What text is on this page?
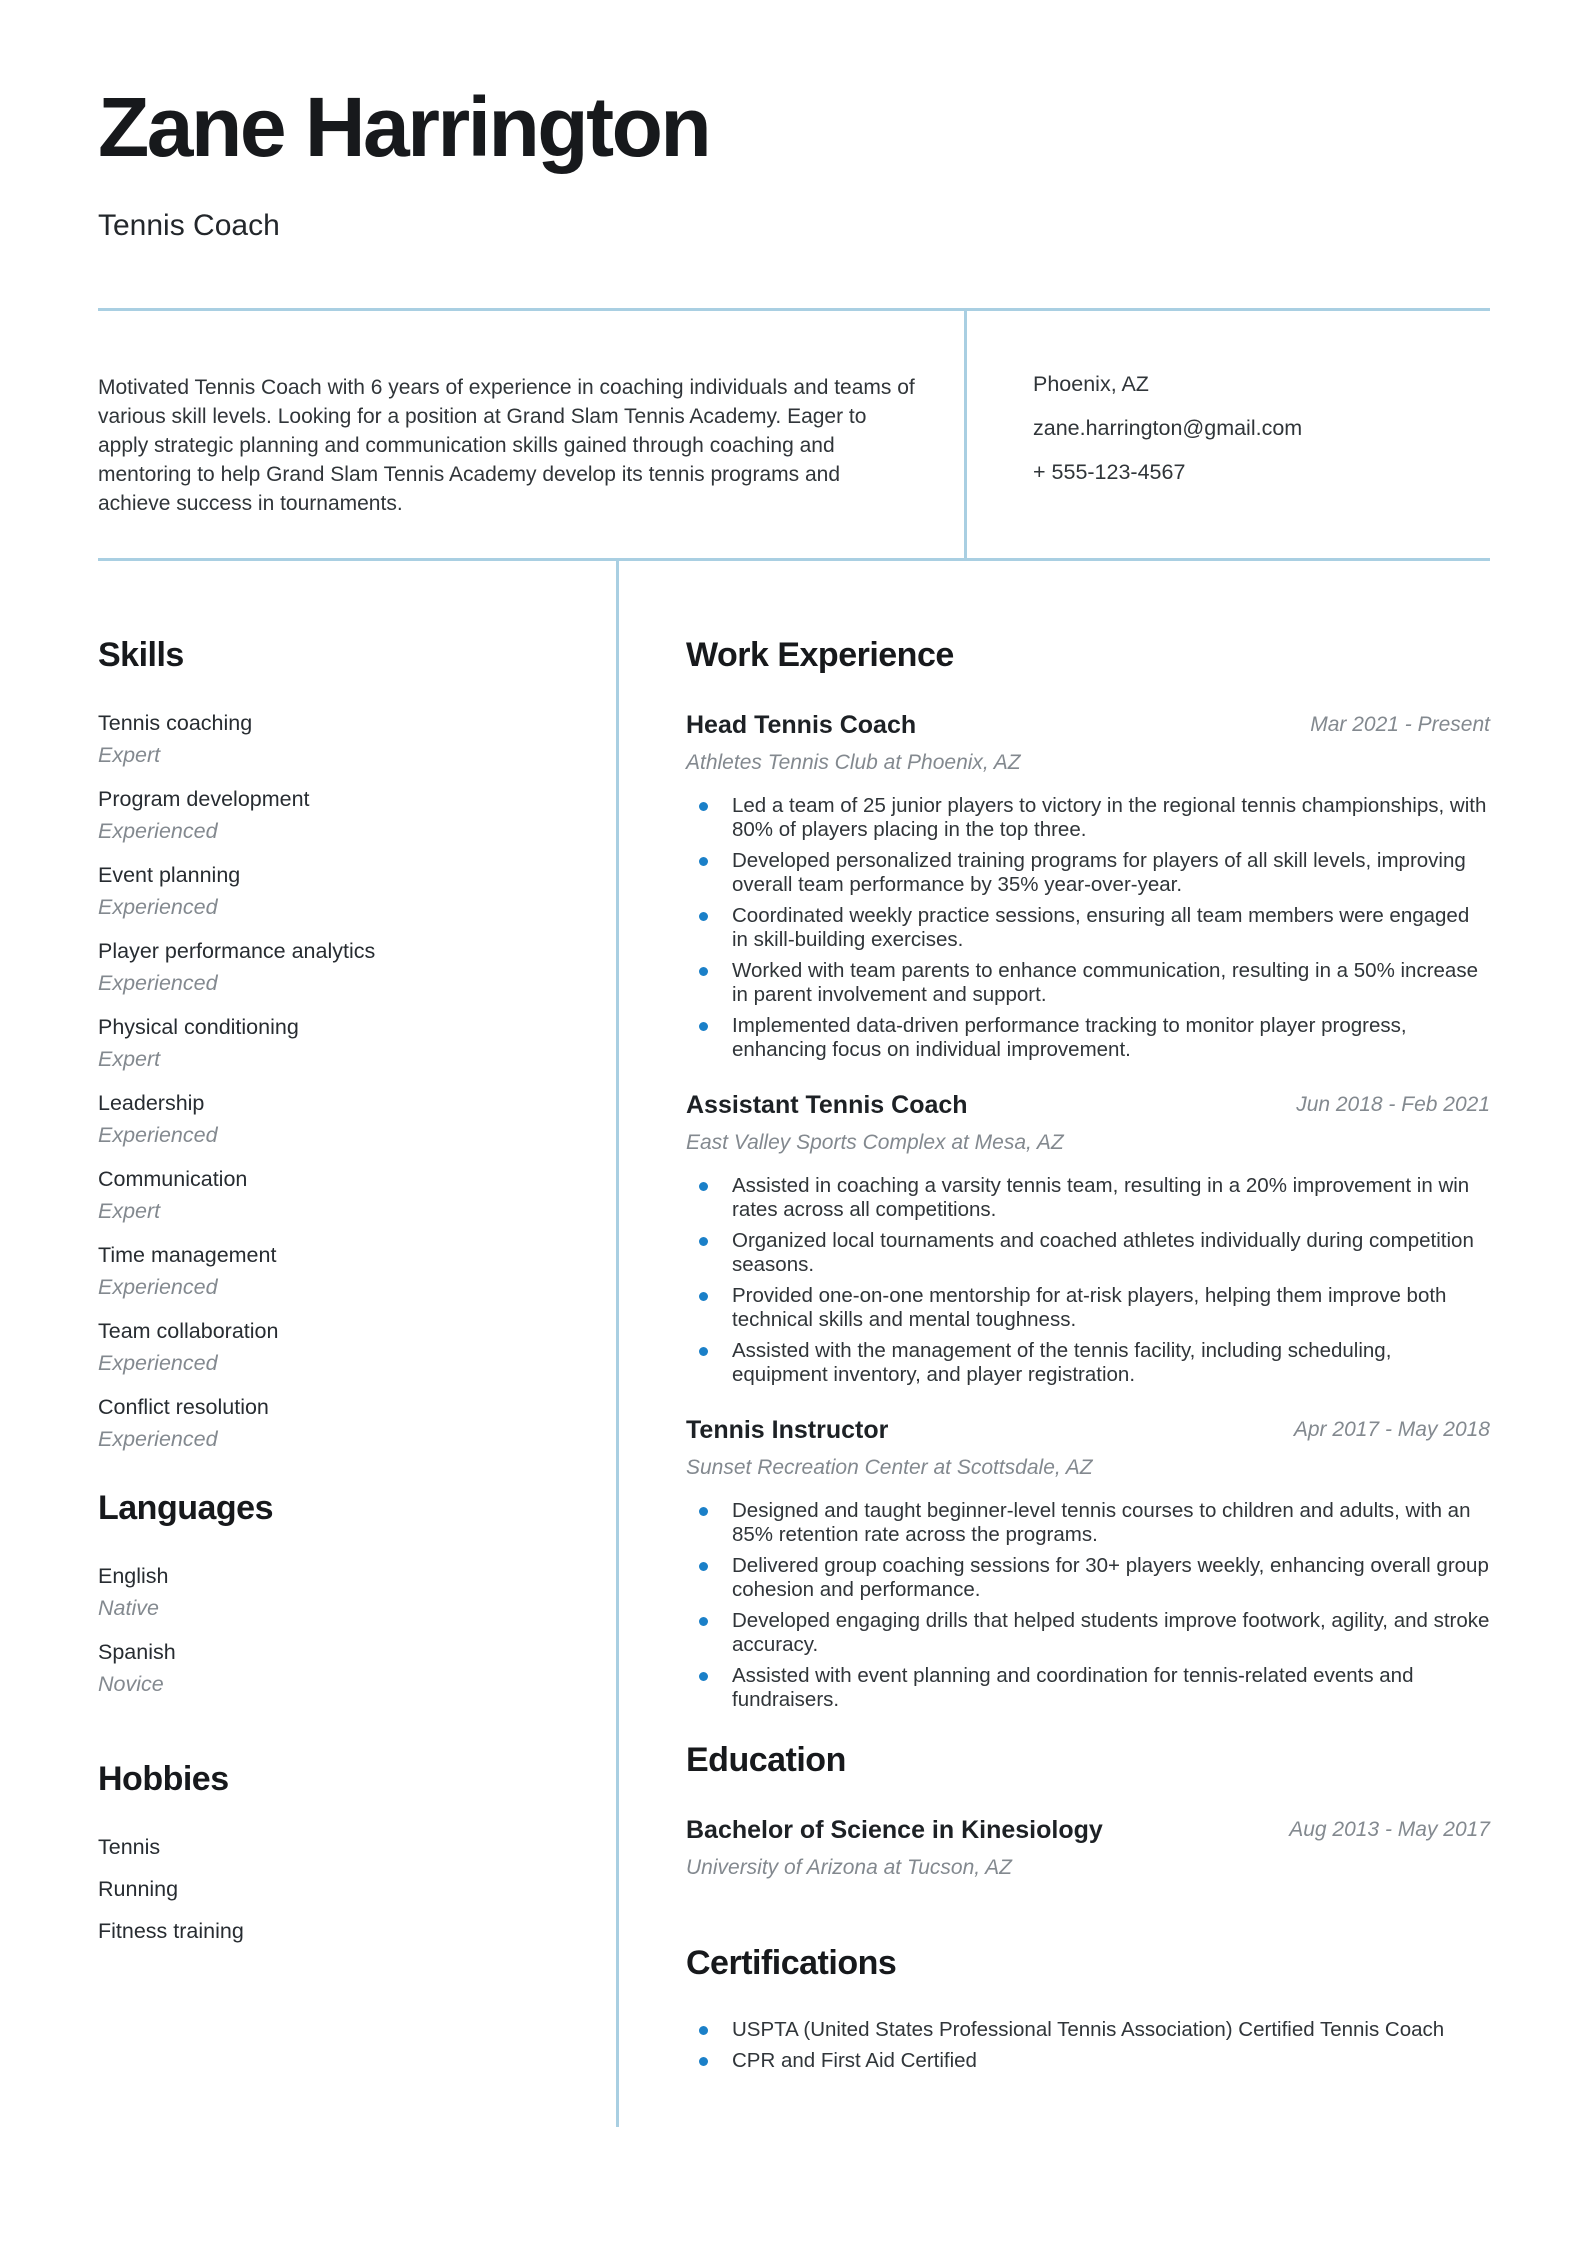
Zane Harrington
Tennis Coach

Motivated Tennis Coach with 6 years of experience in coaching individuals and teams of various skill levels. Looking for a position at Grand Slam Tennis Academy. Eager to apply strategic planning and communication skills gained through coaching and mentoring to help Grand Slam Tennis Academy develop its tennis programs and achieve success in tournaments.

Phoenix, AZ
zane.harrington@gmail.com
+ 555-123-4567
Skills
Tennis coaching
Expert
Program development
Experienced
Event planning
Experienced
Player performance analytics
Experienced
Physical conditioning
Expert
Leadership
Experienced
Communication
Expert
Time management
Experienced
Team collaboration
Experienced
Conflict resolution
Experienced
Languages
English
Native
Spanish
Novice
Hobbies
Tennis
Running
Fitness training
Work Experience
Head Tennis Coach	Mar 2021 - Present
Athletes Tennis Club at Phoenix, AZ
Led a team of 25 junior players to victory in the regional tennis championships, with 80% of players placing in the top three.
Developed personalized training programs for players of all skill levels, improving overall team performance by 35% year-over-year.
Coordinated weekly practice sessions, ensuring all team members were engaged in skill-building exercises.
Worked with team parents to enhance communication, resulting in a 50% increase in parent involvement and support.
Implemented data-driven performance tracking to monitor player progress, enhancing focus on individual improvement.
Assistant Tennis Coach	Jun 2018 - Feb 2021
East Valley Sports Complex at Mesa, AZ
Assisted in coaching a varsity tennis team, resulting in a 20% improvement in win rates across all competitions.
Organized local tournaments and coached athletes individually during competition seasons.
Provided one-on-one mentorship for at-risk players, helping them improve both technical skills and mental toughness.
Assisted with the management of the tennis facility, including scheduling, equipment inventory, and player registration.
Tennis Instructor	Apr 2017 - May 2018
Sunset Recreation Center at Scottsdale, AZ
Designed and taught beginner-level tennis courses to children and adults, with an 85% retention rate across the programs.
Delivered group coaching sessions for 30+ players weekly, enhancing overall group cohesion and performance.
Developed engaging drills that helped students improve footwork, agility, and stroke accuracy.
Assisted with event planning and coordination for tennis-related events and fundraisers.
Education
Bachelor of Science in Kinesiology	Aug 2013 - May 2017
University of Arizona at Tucson, AZ
Certifications
USPTA (United States Professional Tennis Association) Certified Tennis Coach
CPR and First Aid Certified
